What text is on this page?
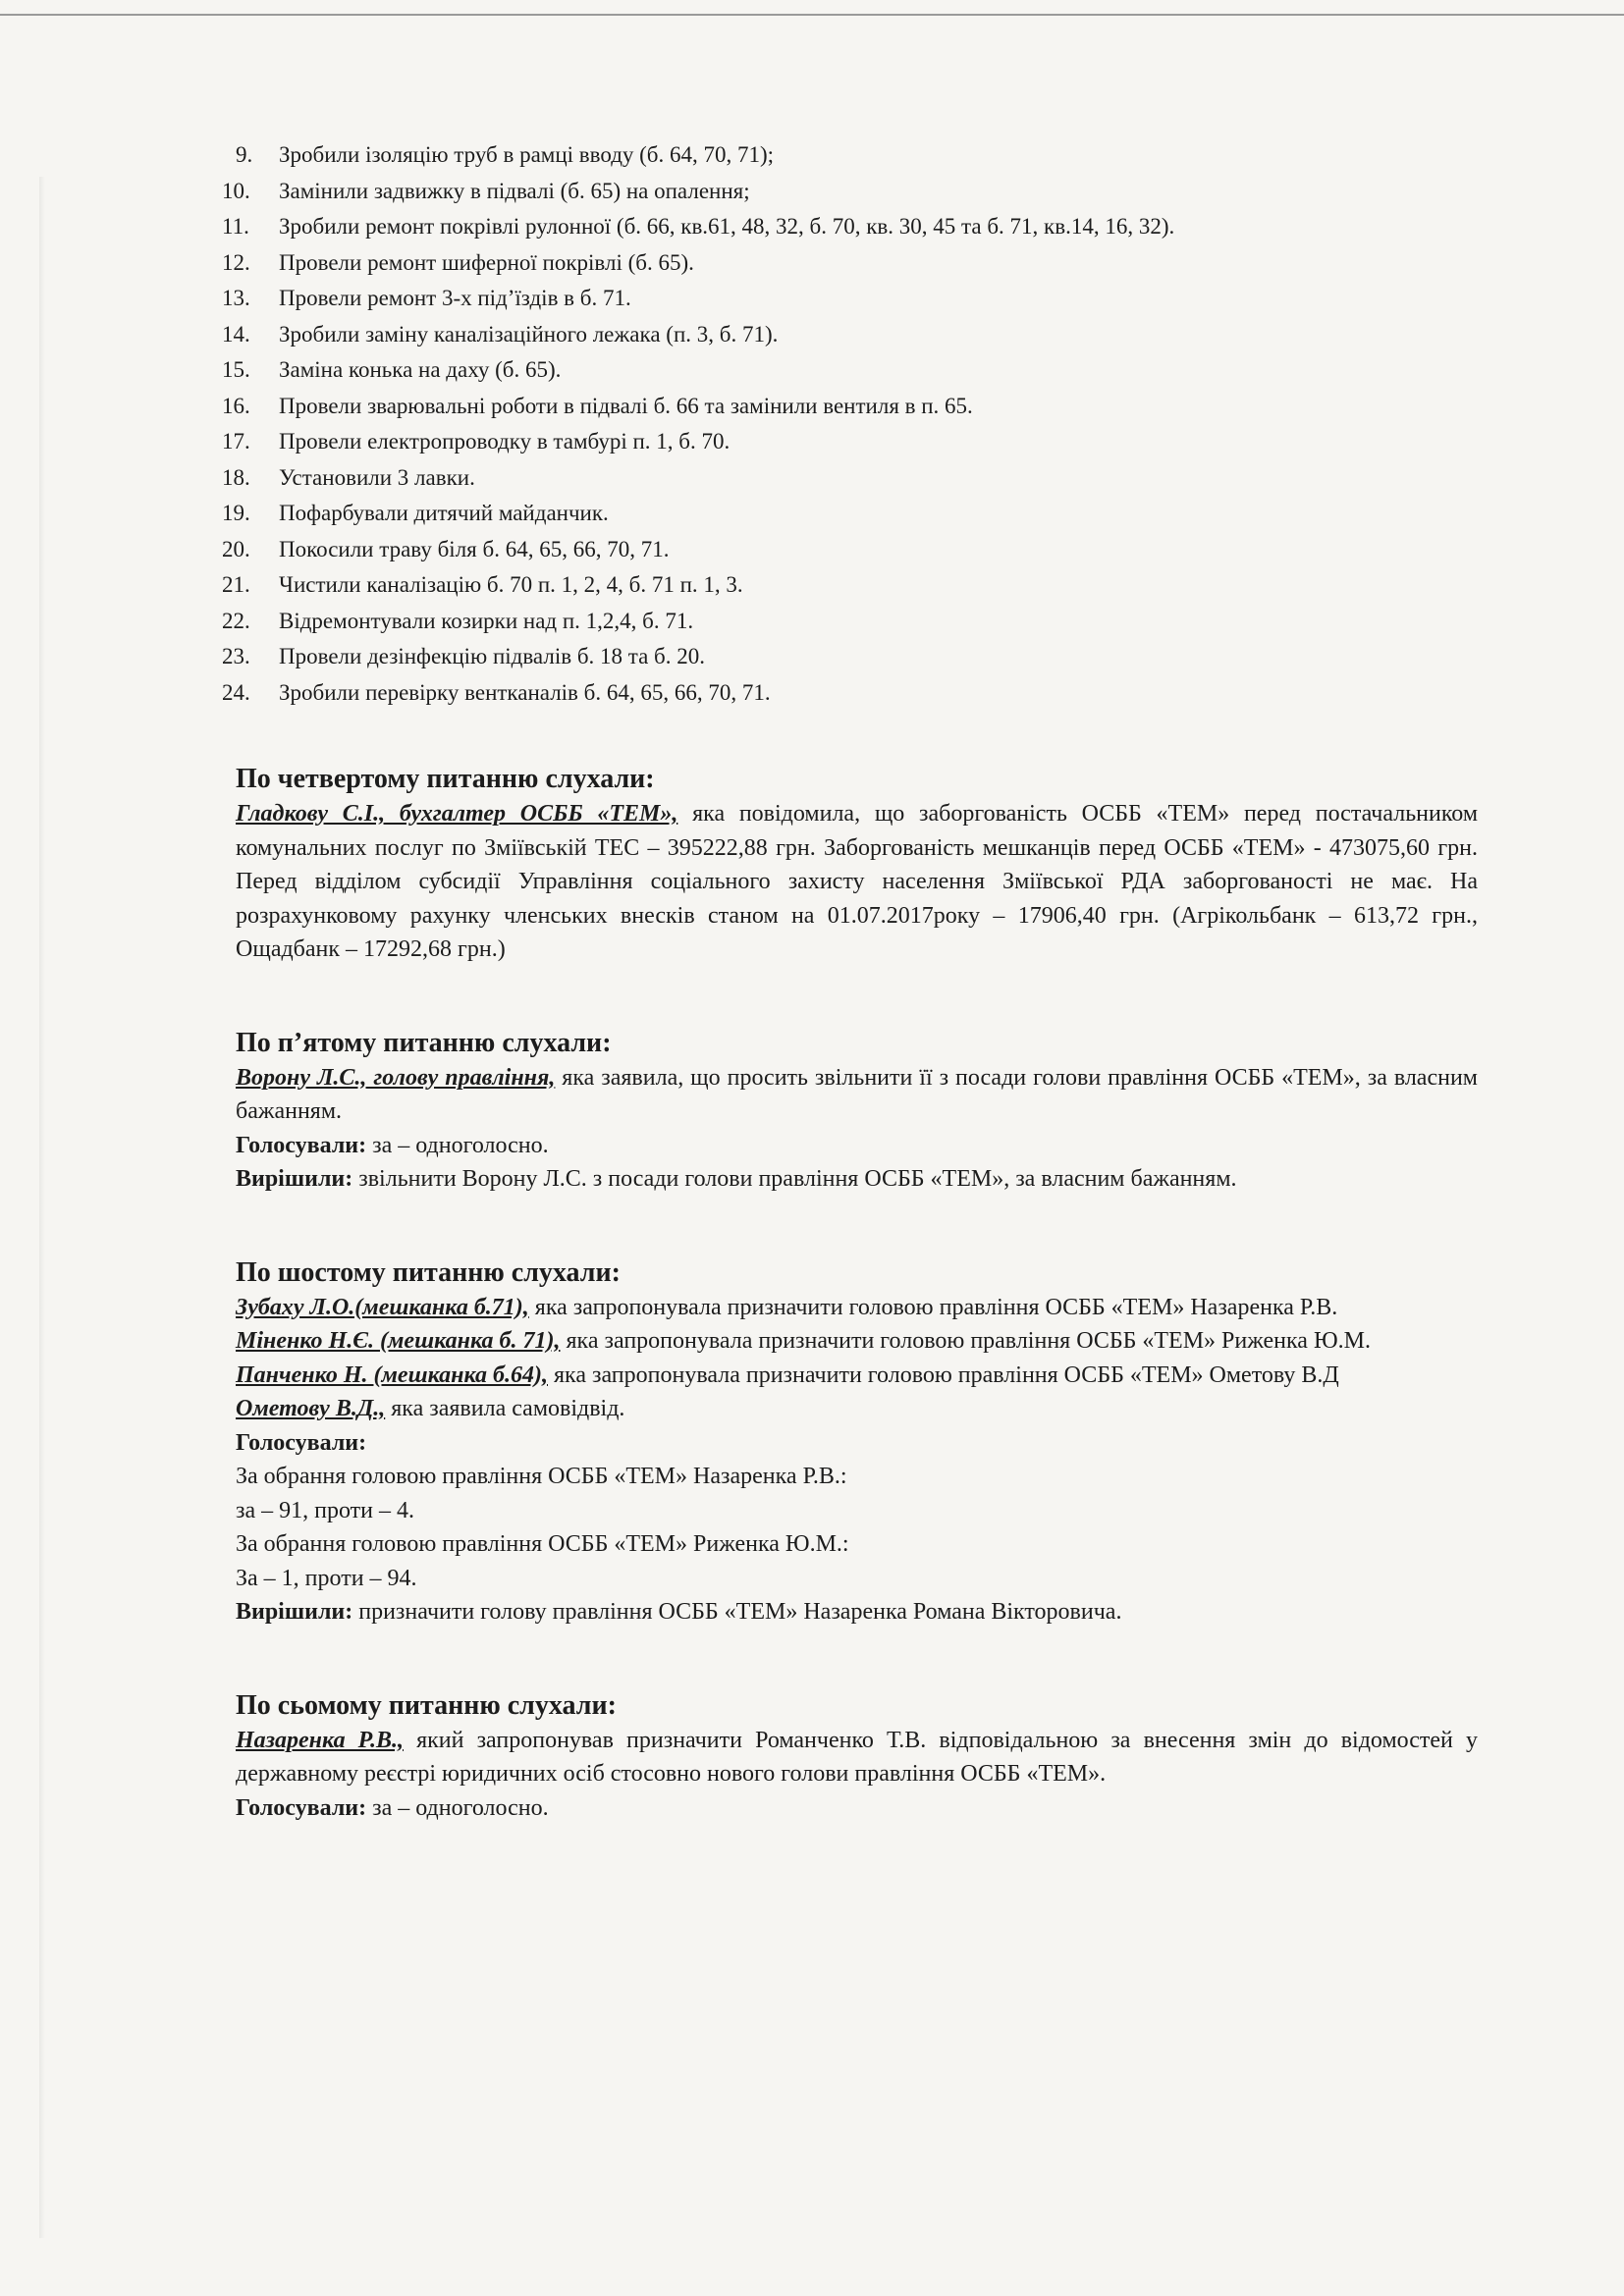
9. Зробили ізоляцію труб в рамці вводу (б. 64, 70, 71);
10. Замінили задвижку в підвалі (б. 65) на опалення;
11. Зробили ремонт покрівлі рулонної (б. 66, кв.61, 48, 32, б. 70, кв. 30, 45 та б. 71, кв.14, 16, 32).
12. Провели ремонт шиферної покрівлі (б. 65).
13. Провели ремонт 3-х під’їздів в б. 71.
14. Зробили заміну каналізаційного лежака (п. 3, б. 71).
15. Заміна конька на даху (б. 65).
16. Провели зварювальні роботи в підвалі б. 66 та замінили вентиля в п. 65.
17. Провели електропроводку в тамбурі п. 1, б. 70.
18. Установили 3 лавки.
19. Пофарбували дитячий майданчик.
20. Покосили траву біля б. 64, 65, 66, 70, 71.
21. Чистили каналізацію б. 70 п. 1, 2, 4, б. 71 п. 1, 3.
22. Відремонтували козирки над п. 1,2,4, б. 71.
23. Провели дезінфекцію підвалів б. 18 та б. 20.
24. Зробили перевірку вентканалів б. 64, 65, 66, 70, 71.
По четвертому питанню слухали:

Гладкову С.І., бухгалтер ОСББ «ТЕМ», яка повідомила, що заборгованість ОСББ «ТЕМ» перед постачальником комунальних послуг по Зміївській ТЕС – 395222,88 грн. Заборгованість мешканців перед ОСББ «ТЕМ» - 473075,60 грн. Перед відділом субсидії Управління соціального захисту населення Зміївської РДА заборгованості не має. На розрахунковому рахунку членських внесків станом на 01.07.2017року – 17906,40 грн. (Агрікольбанк – 613,72 грн., Ощадбанк – 17292,68 грн.)

По п’ятому питанню слухали:

Ворону Л.С., голову правління, яка заявила, що просить звільнити її з посади голови правління ОСББ «ТЕМ», за власним бажанням.

Голосували: за – одноголосно.

Вирішили: звільнити Ворону Л.С. з посади голови правління ОСББ «ТЕМ», за власним бажанням.

По шостому питанню слухали:

Зубаху Л.О.(мешканка б.71), яка запропонувала призначити головою правління ОСББ «ТЕМ» Назаренка Р.В.

Міненко Н.Є. (мешканка б. 71), яка запропонувала призначити головою правління ОСББ «ТЕМ» Риженка Ю.М.

Панченко Н. (мешканка б.64), яка запропонувала призначити головою правління ОСББ «ТЕМ» Ометову В.Д

Ометову В.Д., яка заявила самовідвід.

Голосували:

За обрання головою правління ОСББ «ТЕМ» Назаренка Р.В.:

за – 91, проти – 4.

За обрання головою правління ОСББ «ТЕМ» Риженка Ю.М.:

За – 1, проти – 94.

Вирішили: призначити голову правління ОСББ «ТЕМ» Назаренка Романа Вікторовича.

По сьомому питанню слухали:

Назаренка Р.В., який запропонував призначити Романченко Т.В. відповідальною за внесення змін до відомостей у державному реєстрі юридичних осіб стосовно нового голови правління ОСББ «ТЕМ».

Голосували: за – одноголосно.
